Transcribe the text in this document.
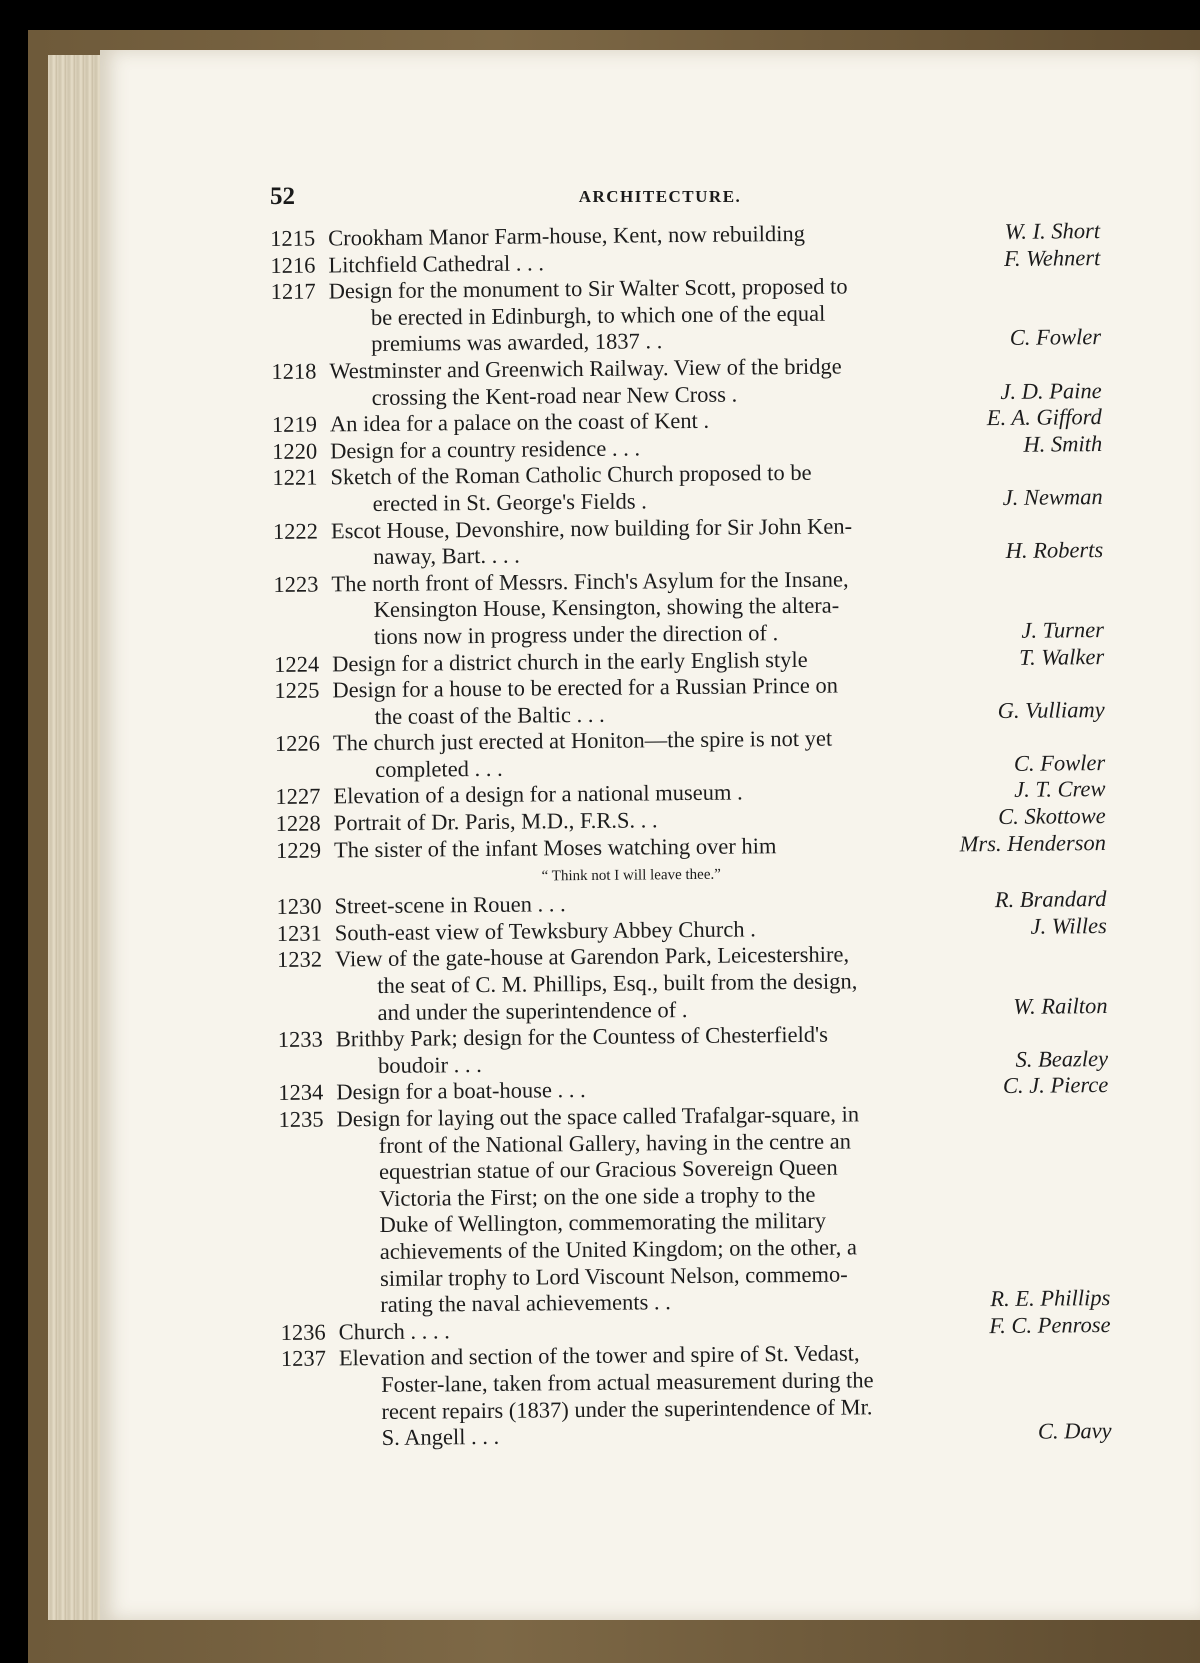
52	ARCHITECTURE.
1215 Crookham Manor Farm-house, Kent, now rebuilding	W. I. Short
1216 Litchfield Cathedral . . .	F. Wehnert
1217 Design for the monument to Sir Walter Scott, proposed to
be erected in Edinburgh, to which one of the equal
premiums was awarded, 1837 . .	C. Fowler
1218 Westminster and Greenwich Railway. View of the bridge
crossing the Kent-road near New Cross .	J. D. Paine
1219 An idea for a palace on the coast of Kent .	E. A. Gifford
1220 Design for a country residence . . .	H. Smith
1221 Sketch of the Roman Catholic Church proposed to be
erected in St. George's Fields .	J. Newman
1222 Escot House, Devonshire, now building for Sir John Ken-
naway, Bart. . . .	H. Roberts
1223 The north front of Messrs. Finch's Asylum for the Insane,
Kensington House, Kensington, showing the altera-
tions now in progress under the direction of .	J. Turner
1224 Design for a district church in the early English style	T. Walker
1225 Design for a house to be erected for a Russian Prince on
the coast of the Baltic . . .	G. Vulliamy
1226 The church just erected at Honiton—the spire is not yet
completed . . .	C. Fowler
1227 Elevation of a design for a national museum .	J. T. Crew
1228 Portrait of Dr. Paris, M.D., F.R.S. . .	C. Skottowe
1229 The sister of the infant Moses watching over him	Mrs. Henderson
“ Think not I will leave thee.”
1230 Street-scene in Rouen . . .	R. Brandard
1231 South-east view of Tewksbury Abbey Church .	J. Willes
1232 View of the gate-house at Garendon Park, Leicestershire,
the seat of C. M. Phillips, Esq., built from the design,
and under the superintendence of .	W. Railton
1233 Brithby Park; design for the Countess of Chesterfield's
boudoir . . .	S. Beazley
1234 Design for a boat-house . . .	C. J. Pierce
1235 Design for laying out the space called Trafalgar-square, in
front of the National Gallery, having in the centre an
equestrian statue of our Gracious Sovereign Queen
Victoria the First; on the one side a trophy to the
Duke of Wellington, commemorating the military
achievements of the United Kingdom; on the other, a
similar trophy to Lord Viscount Nelson, commemo-
rating the naval achievements . .	R. E. Phillips
1236 Church . . . .	F. C. Penrose
1237 Elevation and section of the tower and spire of St. Vedast,
Foster-lane, taken from actual measurement during the
recent repairs (1837) under the superintendence of Mr.
S. Angell . . .	C. Davy
